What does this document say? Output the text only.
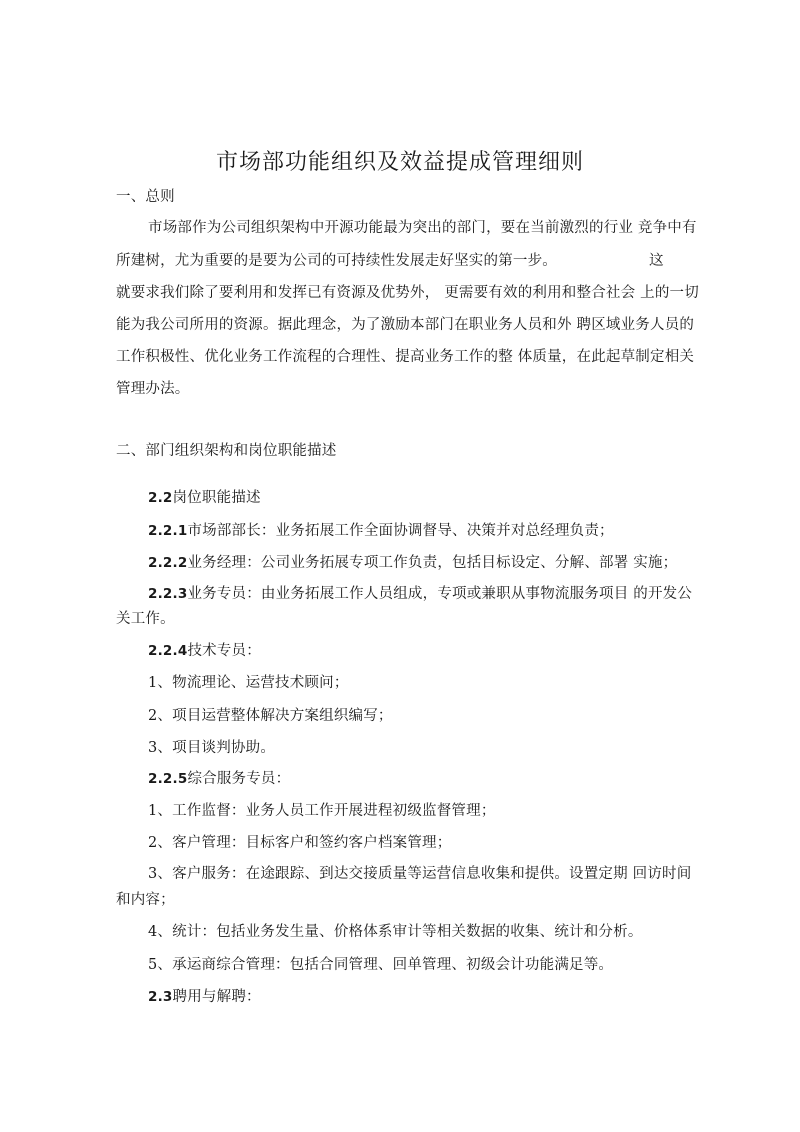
市场部功能组织及效益提成管理细则
一、总则
市场部作为公司组织架构中开源功能最为突出的部门，要在当前激烈的行业 竞争中有
所建树，尤为重要的是要为公司的可持续性发展走好坚实的第一步。	这
就要求我们除了要利用和发挥已有资源及优势外， 更需要有效的利用和整合社会 上的一切
能为我公司所用的资源。据此理念，为了激励本部门在职业务人员和外 聘区域业务人员的
工作积极性、优化业务工作流程的合理性、提高业务工作的整 体质量，在此起草制定相关
管理办法。
二、部门组织架构和岗位职能描述
2.2岗位职能描述
2.2.1市场部部长：业务拓展工作全面协调督导、决策并对总经理负责；
2.2.2业务经理：公司业务拓展专项工作负责，包括目标设定、分解、部署 实施；
2.2.3业务专员：由业务拓展工作人员组成，专项或兼职从事物流服务项目 的开发公
关工作。
2.2.4技术专员：
1、物流理论、运营技术顾问；
2、项目运营整体解决方案组织编写；
3、项目谈判协助。
2.2.5综合服务专员：
1、工作监督：业务人员工作开展进程初级监督管理；
2、客户管理：目标客户和签约客户档案管理；
3、客户服务：在途跟踪、到达交接质量等运营信息收集和提供。设置定期 回访时间
和内容；
4、统计：包括业务发生量、价格体系审计等相关数据的收集、统计和分析。
5、承运商综合管理：包括合同管理、回单管理、初级会计功能满足等。
2.3聘用与解聘：
